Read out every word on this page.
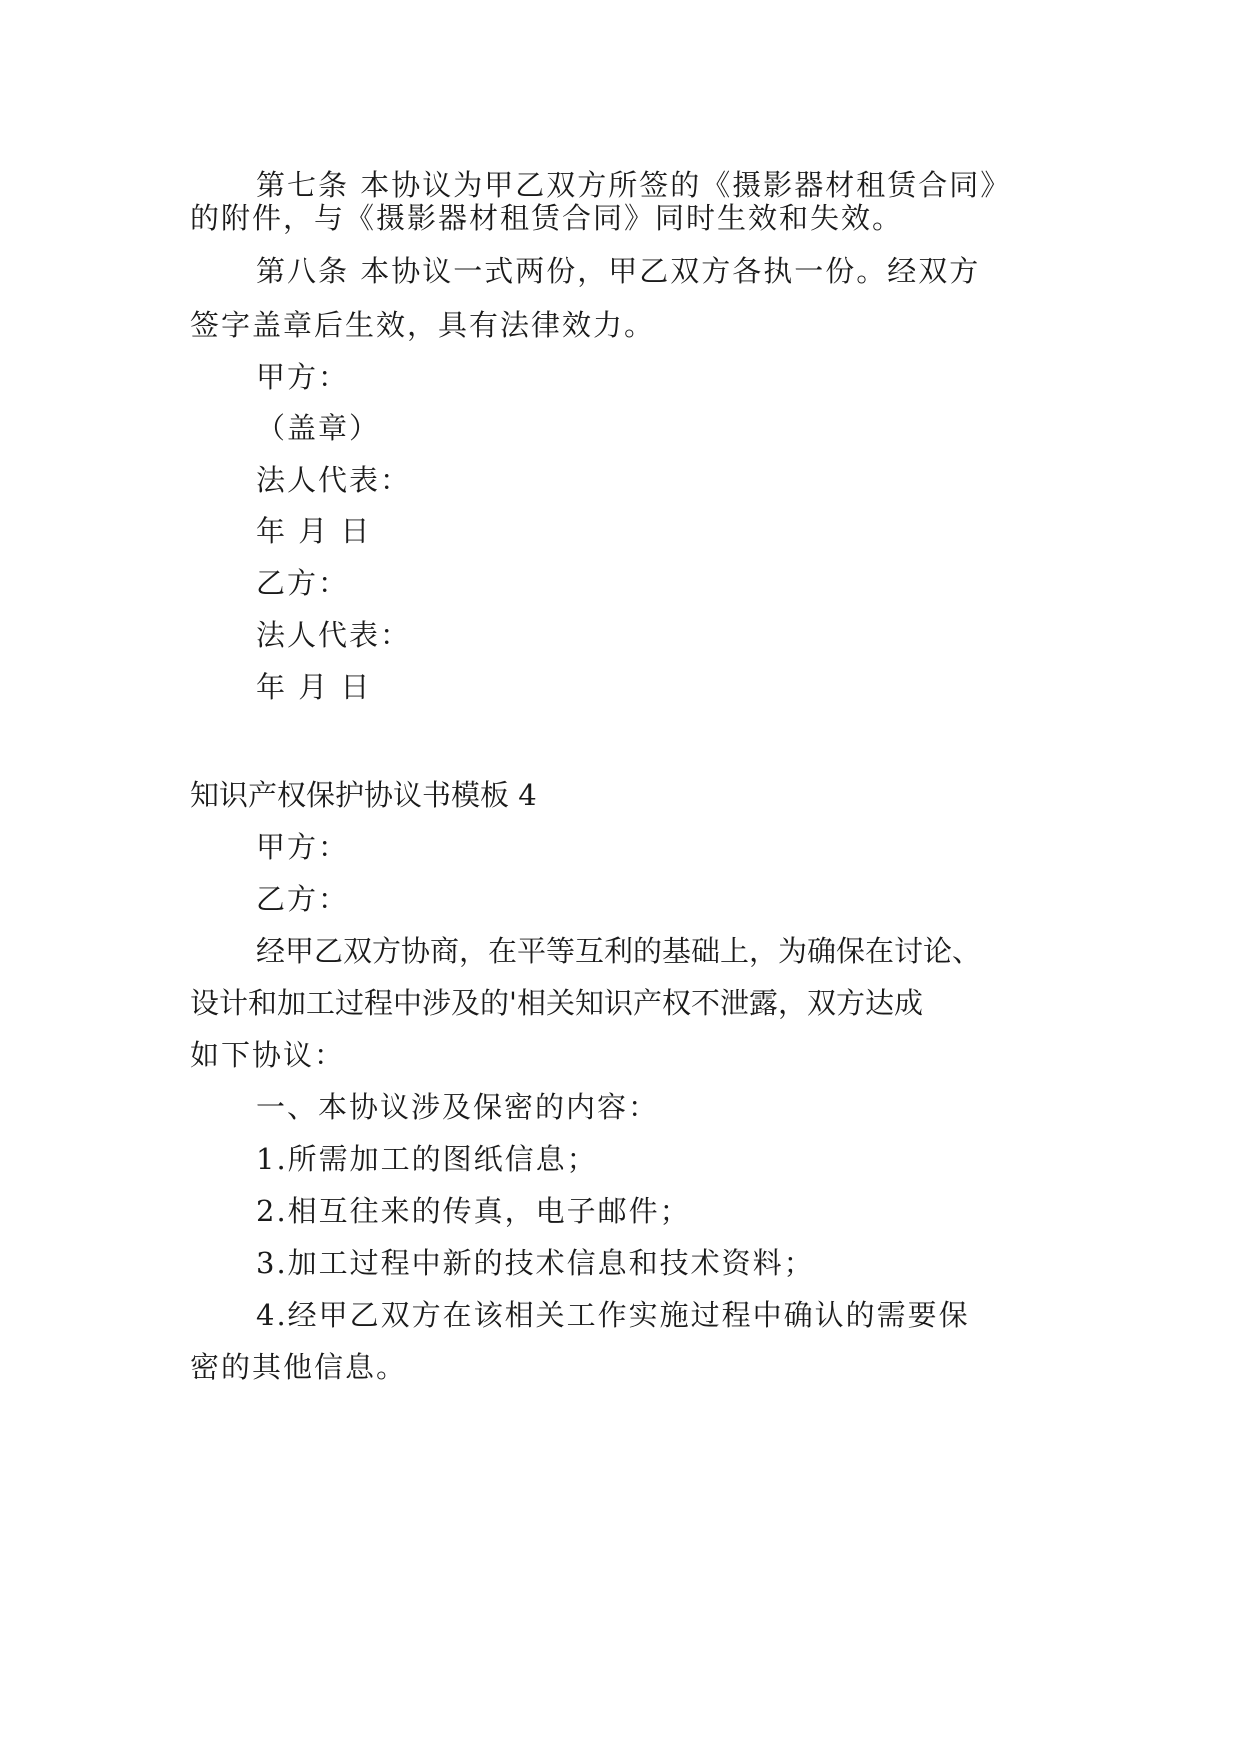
第七条 本协议为甲乙双方所签的《摄影器材租赁合同》
的附件，与《摄影器材租赁合同》同时生效和失效。
第八条 本协议一式两份，甲乙双方各执一份。经双方
签字盖章后生效，具有法律效力。
甲方：
（盖章）
法人代表：
年 月 日
乙方：
法人代表：
年 月 日
知识产权保护协议书模板 4
甲方：
乙方：
经甲乙双方协商，在平等互利的基础上，为确保在讨论、
设计和加工过程中涉及的'相关知识产权不泄露，双方达成
如下协议：
一、本协议涉及保密的内容：
1.所需加工的图纸信息；
2.相互往来的传真，电子邮件；
3.加工过程中新的技术信息和技术资料；
4.经甲乙双方在该相关工作实施过程中确认的需要保
密的其他信息。
